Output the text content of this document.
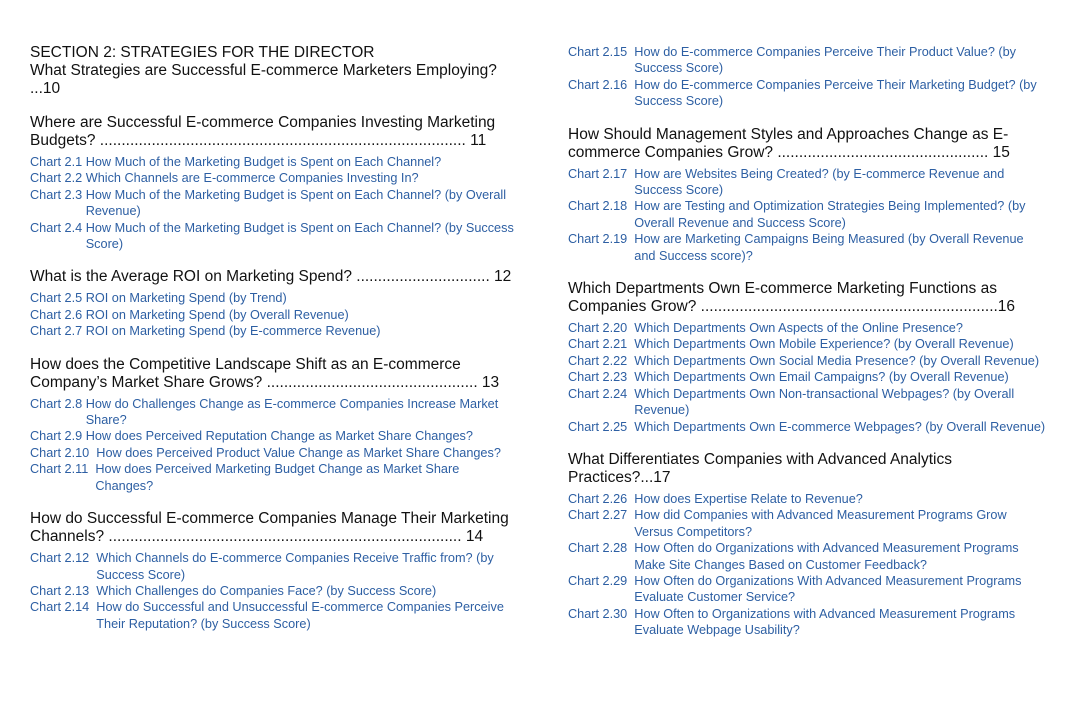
SECTION 2: STRATEGIES FOR THE DIRECTOR
What Strategies are Successful E-commerce Marketers Employing? ...10
Where are Successful E-commerce Companies Investing Marketing Budgets? ..................................................................................... 11
Chart 2.1 How Much of the Marketing Budget is Spent on Each Channel?
Chart 2.2 Which Channels are E-commerce Companies Investing In?
Chart 2.3 How Much of the Marketing Budget is Spent on Each Channel? (by Overall Revenue)
Chart 2.4 How Much of the Marketing Budget is Spent on Each Channel? (by Success Score)
What is the Average ROI on Marketing Spend? ............................... 12
Chart 2.5 ROI on Marketing Spend (by Trend)
Chart 2.6 ROI on Marketing Spend (by Overall Revenue)
Chart 2.7 ROI on Marketing Spend (by E-commerce Revenue)
How does the Competitive Landscape Shift as an E-commerce Company’s Market Share Grows? ................................................. 13
Chart 2.8 How do Challenges Change as E-commerce Companies Increase Market Share?
Chart 2.9 How does Perceived Reputation Change as Market Share Changes?
Chart 2.10 How does Perceived Product Value Change as Market Share Changes?
Chart 2.11 How does Perceived Marketing Budget Change as Market Share Changes?
How do Successful E-commerce Companies Manage Their Marketing Channels? .................................................................................. 14
Chart 2.12 Which Channels do E-commerce Companies Receive Traffic from? (by Success Score)
Chart 2.13 Which Challenges do Companies Face? (by Success Score)
Chart 2.14 How do Successful and Unsuccessful E-commerce Companies Perceive Their Reputation? (by Success Score)
Chart 2.15 How do E-commerce Companies Perceive Their Product Value? (by Success Score)
Chart 2.16 How do E-commerce Companies Perceive Their Marketing Budget? (by Success Score)
How Should Management Styles and Approaches Change as E-commerce Companies Grow? ................................................. 15
Chart 2.17 How are Websites Being Created? (by E-commerce Revenue and Success Score)
Chart 2.18 How are Testing and Optimization Strategies Being Implemented? (by Overall Revenue and Success Score)
Chart 2.19 How are Marketing Campaigns Being Measured (by Overall Revenue and Success score)?
Which Departments Own E-commerce Marketing Functions as Companies Grow? .....................................................................16
Chart 2.20 Which Departments Own Aspects of the Online Presence?
Chart 2.21 Which Departments Own Mobile Experience? (by Overall Revenue)
Chart 2.22 Which Departments Own Social Media Presence? (by Overall Revenue)
Chart 2.23 Which Departments Own Email Campaigns? (by Overall Revenue)
Chart 2.24 Which Departments Own Non-transactional Webpages? (by Overall Revenue)
Chart 2.25 Which Departments Own E-commerce Webpages? (by Overall Revenue)
What Differentiates Companies with Advanced Analytics Practices?...17
Chart 2.26 How does Expertise Relate to Revenue?
Chart 2.27 How did Companies with Advanced Measurement Programs Grow Versus Competitors?
Chart 2.28 How Often do Organizations with Advanced Measurement Programs Make Site Changes Based on Customer Feedback?
Chart 2.29 How Often do Organizations With Advanced Measurement Programs Evaluate Customer Service?
Chart 2.30 How Often to Organizations with Advanced Measurement Programs Evaluate Webpage Usability?
